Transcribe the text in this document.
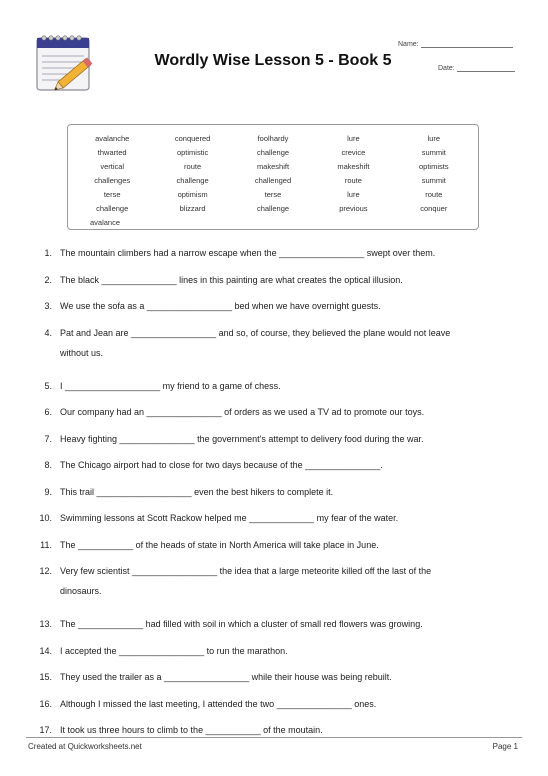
Wordly Wise Lesson 5 - Book 5
Name:
Date:
avalanche	conquered	foolhardy	lure	lure
thwarted	optimistic	challenge	crevice	summit
vertical	route	makeshift	makeshift	optimists
challenges	challenge	challenged	route	summit
terse	optimism	terse	lure	route
challenge	blizzard	challenge	previous	conquer
avalance
1. The mountain climbers had a narrow escape when the _________________ swept over them.
2. The black _______________ lines in this painting are what creates the optical illusion.
3. We use the sofa as a _________________ bed when we have overnight guests.
4. Pat and Jean are _________________ and so, of course, they believed the plane would not leave
without us.
5. I ___________________ my friend to a game of chess.
6. Our company had an _______________ of orders as we used a TV ad to promote our toys.
7. Heavy fighting _______________ the government's attempt to delivery food during the war.
8. The Chicago airport had to close for two days because of the _______________.
9. This trail ___________________ even the best hikers to complete it.
10. Swimming lessons at Scott Rackow helped me _____________ my fear of the water.
11. The ___________ of the heads of state in North America will take place in June.
12. Very few scientist _________________ the idea that a large meteorite killed off the last of the
dinosaurs.
13. The _____________ had filled with soil in which a cluster of small red flowers was growing.
14. I accepted the _________________ to run the marathon.
15. They used the trailer as a _________________ while their house was being rebuilt.
16. Although I missed the last meeting, I attended the two _______________ ones.
17. It took us three hours to climb to the ___________ of the moutain.
Created at Quickworksheets.net	Page 1
